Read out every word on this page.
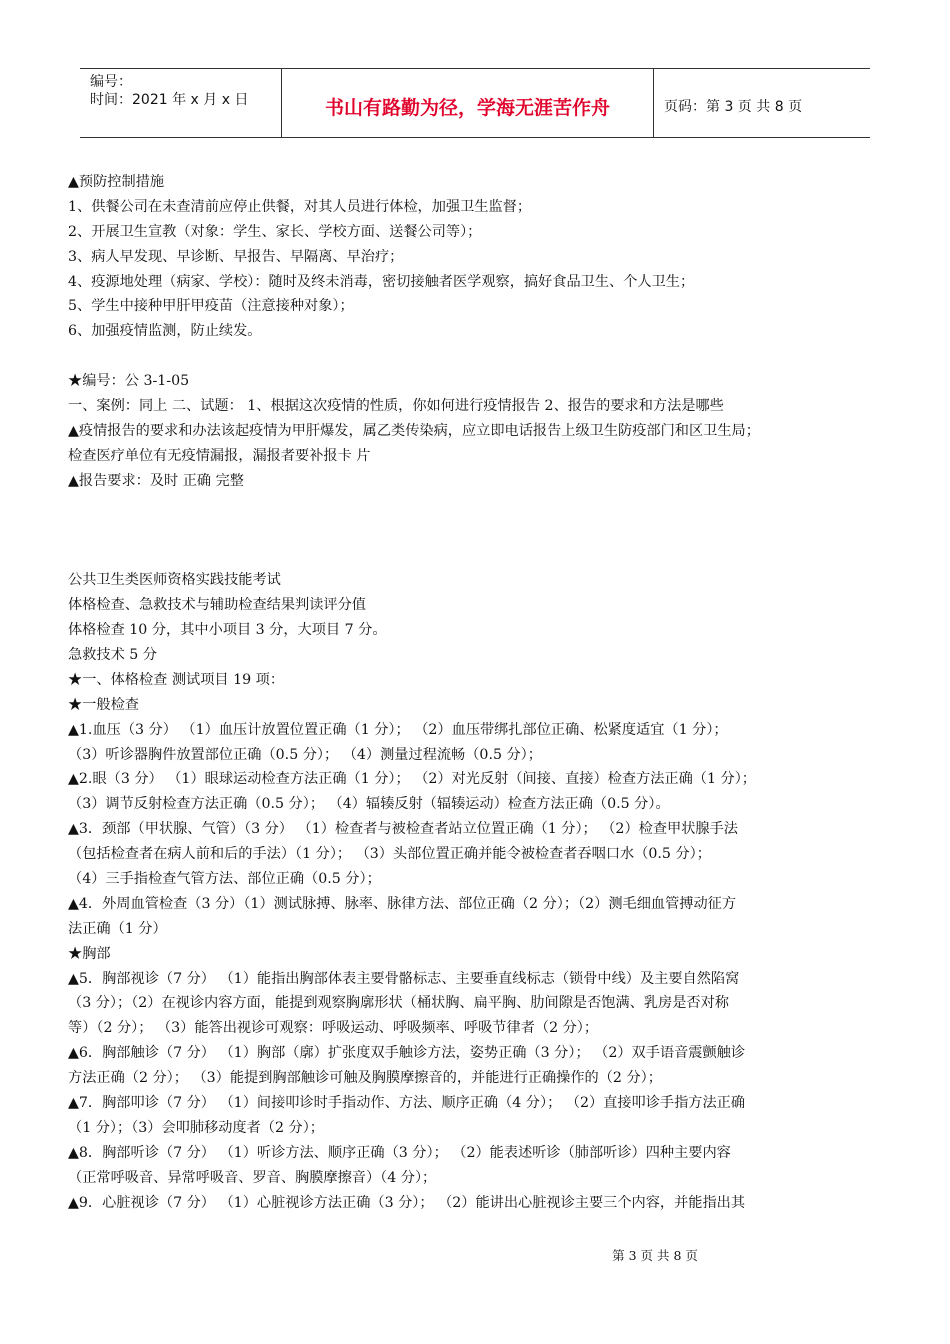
编号：
时间：2021 年 x 月 x 日	书山有路勤为径，学海无涯苦作舟	页码：第 3 页 共 8 页
▲预防控制措施
1、供餐公司在未查清前应停止供餐，对其人员进行体检，加强卫生监督；
2、开展卫生宣教（对象：学生、家长、学校方面、送餐公司等）；
3、病人早发现、早诊断、早报告、早隔离、早治疗；
4、疫源地处理（病家、学校）：随时及终未消毒，密切接触者医学观察，搞好食品卫生、个人卫生；
5、学生中接种甲肝甲疫苗（注意接种对象）；
6、加强疫情监测，防止续发。
★编号：公 3-1-05
一、案例：同上 二、试题： 1、根据这次疫情的性质，你如何进行疫情报告 2、报告的要求和方法是哪些
▲疫情报告的要求和办法该起疫情为甲肝爆发，属乙类传染病，应立即电话报告上级卫生防疫部门和区卫生局；
检查医疗单位有无疫情漏报，漏报者要补报卡 片
▲报告要求：及时 正确 完整
公共卫生类医师资格实践技能考试
体格检查、急救技术与辅助检查结果判读评分值
体格检查 10 分，其中小项目 3 分，大项目 7 分。
急救技术 5 分
★一、体格检查 测试项目 19 项：
★一般检查
▲1.血压（3 分） （1）血压计放置位置正确（1 分）； （2）血压带绑扎部位正确、松紧度适宜（1 分）；
（3）听诊器胸件放置部位正确（0.5 分）； （4）测量过程流畅（0.5 分）；
▲2.眼（3 分） （1）眼球运动检查方法正确（1 分）； （2）对光反射（间接、直接）检查方法正确（1 分）；
（3）调节反射检查方法正确（0.5 分）； （4）辐辏反射（辐辏运动）检查方法正确（0.5 分）。
▲3．颈部（甲状腺、气管）（3 分） （1）检查者与被检查者站立位置正确（1 分）； （2）检查甲状腺手法
（包括检查者在病人前和后的手法）（1 分）； （3）头部位置正确并能令被检查者吞咽口水（0.5 分）；
（4）三手指检查气管方法、部位正确（0.5 分）；
▲4．外周血管检查（3 分）（1）测试脉搏、脉率、脉律方法、部位正确（2 分）；（2）测毛细血管搏动征方
法正确（1 分）
★胸部
▲5．胸部视诊（7 分） （1）能指出胸部体表主要骨骼标志、主要垂直线标志（锁骨中线）及主要自然陷窝
（3 分）；（2）在视诊内容方面，能提到观察胸廓形状（桶状胸、扁平胸、肋间隙是否饱满、乳房是否对称
等）（2 分）； （3）能答出视诊可观察：呼吸运动、呼吸频率、呼吸节律者（2 分）；
▲6．胸部触诊（7 分） （1）胸部（廓）扩张度双手触诊方法，姿势正确（3 分）； （2）双手语音震颤触诊
方法正确（2 分）； （3）能提到胸部触诊可触及胸膜摩擦音的，并能进行正确操作的（2 分）；
▲7．胸部叩诊（7 分） （1）间接叩诊时手指动作、方法、顺序正确（4 分）； （2）直接叩诊手指方法正确
（1 分）；（3）会叩肺移动度者（2 分）；
▲8．胸部听诊（7 分） （1）听诊方法、顺序正确（3 分）； （2）能表述听诊（肺部听诊）四种主要内容
（正常呼吸音、异常呼吸音、罗音、胸膜摩擦音）（4 分）；
▲9．心脏视诊（7 分） （1）心脏视诊方法正确（3 分）； （2）能讲出心脏视诊主要三个内容，并能指出其
第 3 页 共 8 页
